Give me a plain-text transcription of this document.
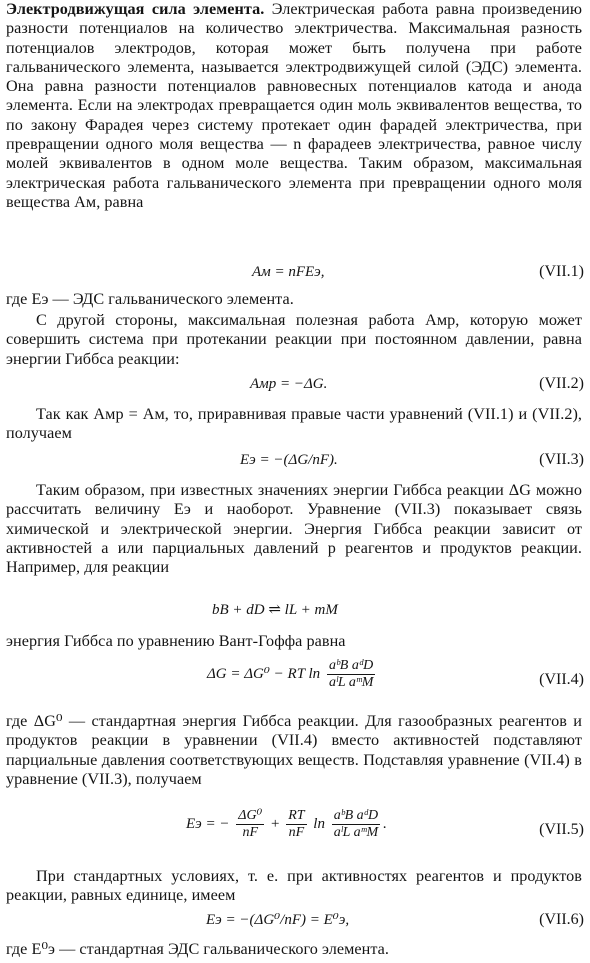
Электродвижущая сила элемента. Электрическая работа равна произведению разности потенциалов на количество электричества. Максимальная разность потенциалов электродов, которая может быть получена при работе гальванического элемента, называется электродвижущей силой (ЭДС) элемента. Она равна разности потенциалов равновесных потенциалов катода и анода элемента. Если на электродах превращается один моль эквивалентов вещества, то по закону Фарадея через систему протекает один фарадей электричества, при превращении одного моля вещества — n фарадеев электричества, равное числу молей эквивалентов в одном моле вещества. Таким образом, максимальная электрическая работа гальванического элемента при превращении одного моля вещества Aм, равна
Aм = nFEэ,	(VII.1)
где Eэ — ЭДС гальванического элемента.
С другой стороны, максимальная полезная работа Aмр, которую может совершить система при протекании реакции при постоянном давлении, равна энергии Гиббса реакции:
Aмр = −ΔG.	(VII.2)
Так как Aмр = Aм, то, приравнивая правые части уравнений (VII.1) и (VII.2), получаем
Eэ = −(ΔG/nF).	(VII.3)
Таким образом, при известных значениях энергии Гиббса реакции ΔG можно рассчитать величину Eэ и наоборот. Уравнение (VII.3) показывает связь химической и электрической энергии. Энергия Гиббса реакции зависит от активностей a или парциальных давлений p реагентов и продуктов реакции. Например, для реакции
bB + dD ⇌ lL + mM
энергия Гиббса по уравнению Вант-Гоффа равна
ΔG = ΔG⁰ − RT $\ln \frac{\text{aᵇB aᵈD}}{\text{aˡL aᵐM}}$	(VII.4)
где ΔG⁰ — стандартная энергия Гиббса реакции. Для газообразных реагентов и продуктов реакции в уравнении (VII.4) вместо активностей подставляют парциальные давления соответствующих веществ. Подставляя уравнение (VII.4) в уравнение (VII.3), получаем
Eэ = − $\frac{\text{ΔG⁰}}{nF} + \frac{RT}{nF}$ $\ln \frac{\text{aᵇB aᵈD}}{\text{aˡL aᵐM}}$ .	(VII.5)
При стандартных условиях, т. е. при активностях реагентов и продуктов реакции, равных единице, имеем
Eэ = −(ΔG⁰/nF) = E⁰э,	(VII.6)
где E⁰э — стандартная ЭДС гальванического элемента.
